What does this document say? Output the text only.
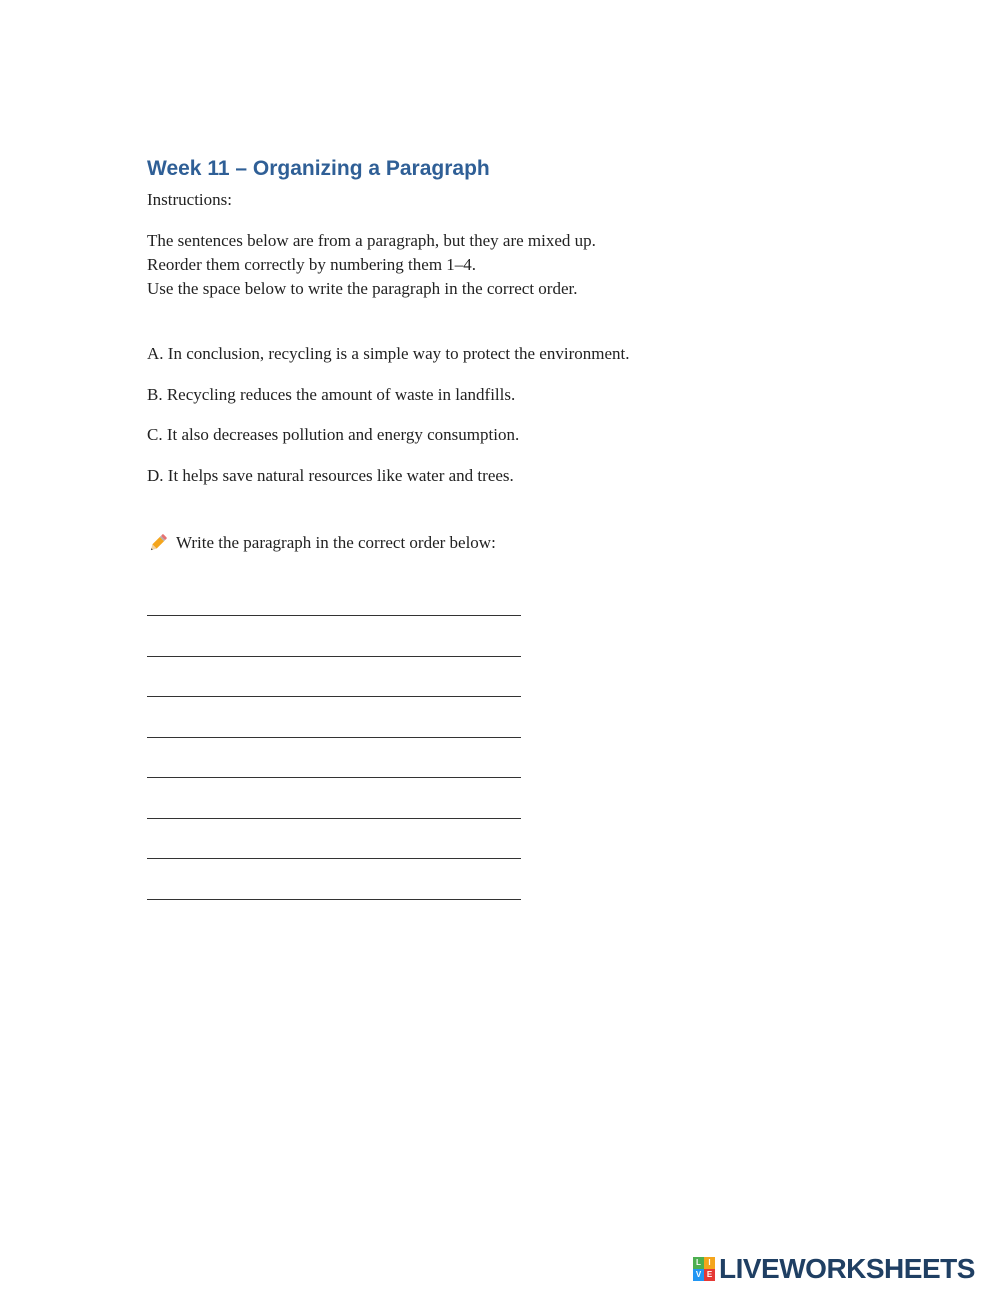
Week 11 – Organizing a Paragraph

Instructions:

The sentences below are from a paragraph, but they are mixed up.

Reorder them correctly by numbering them 1–4.

Use the space below to write the paragraph in the correct order.

A. In conclusion, recycling is a simple way to protect the environment.

B. Recycling reduces the amount of waste in landfills.

C. It also decreases pollution and energy consumption.

D. It helps save natural resources like water and trees.

Write the paragraph in the correct order below:
L I
V E LIVEWORKSHEETS
